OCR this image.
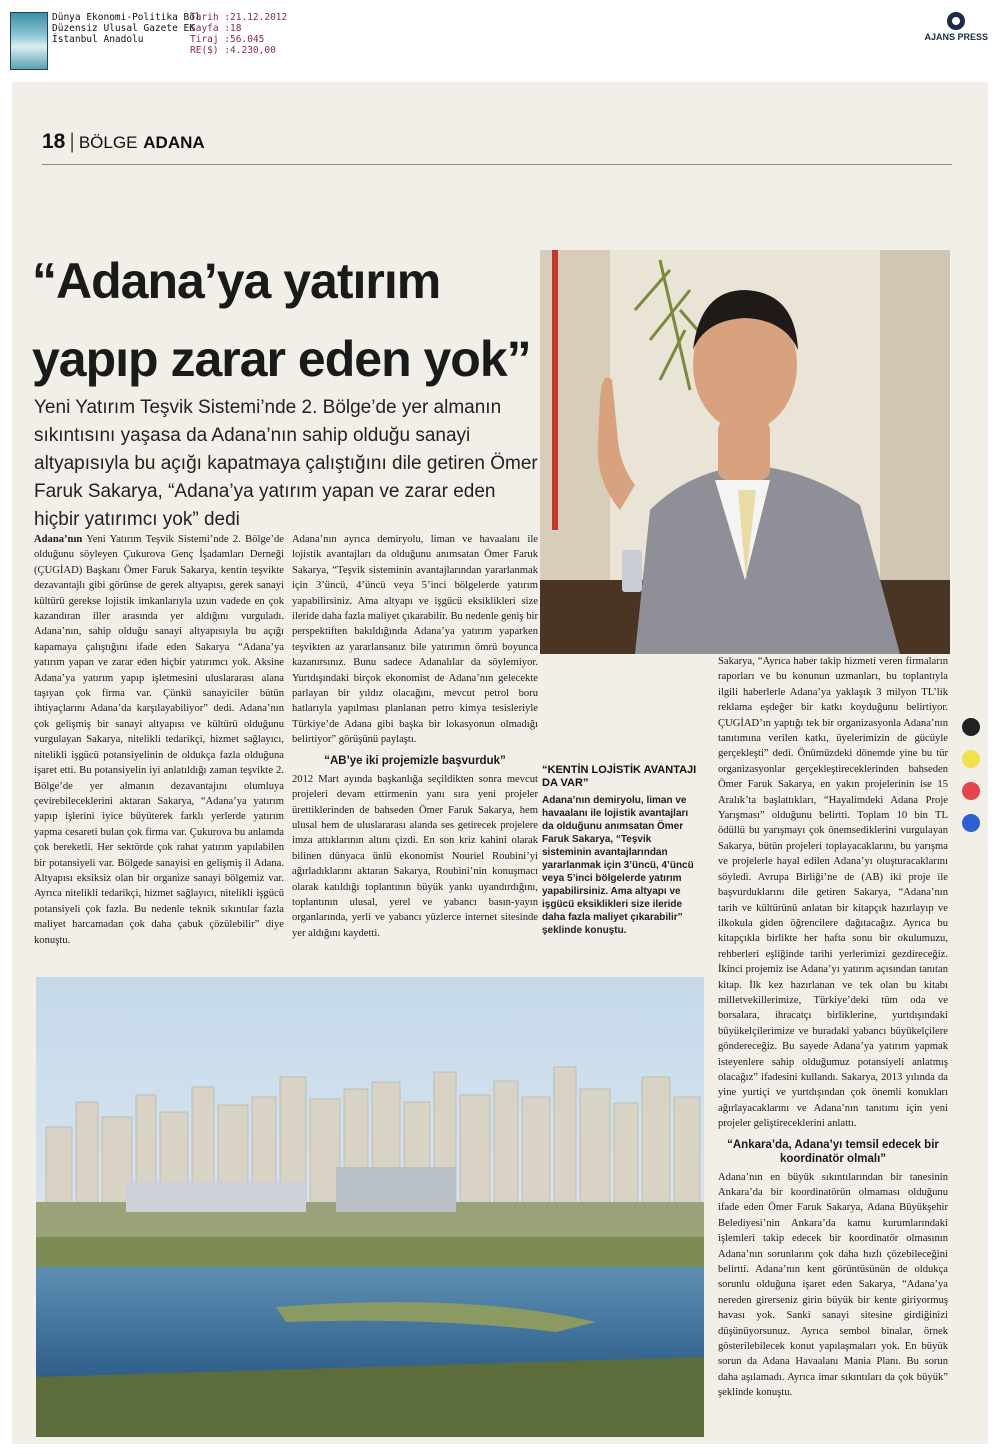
Dünya Ekonomi-Politika Böl
Düzensiz Ulusal Gazete EK
İstanbul Anadolu
Tarih :21.12.2012
Sayfa :18
Tiraj :56.045
RE($) :4.230,00
AJANS PRESS
18 | BÖLGE ADANA
“Adana’ya yatırım
yapıp zarar eden yok”
Yeni Yatırım Teşvik Sistemi’nde 2. Bölge’de yer almanın sıkıntısını yaşasa da Adana’nın sahip olduğu sanayi altyapısıyla bu açığı kapatmaya çalıştığını dile getiren Ömer Faruk Sakarya, “Adana’ya yatırım yapan ve zarar eden hiçbir yatırımcı yok” dedi

Adana’nın Yeni Yatırım Teşvik Sistemi’nde 2. Bölge’de olduğunu söyleyen Çukurova Genç İşadamları Derneği (ÇUGİAD) Başkanı Ömer Faruk Sakarya, kentin teşvikte dezavantajlı gibi görünse de gerek altyapısı, gerek sanayi kültürü gerekse lojistik imkanlarıyla uzun vadede en çok kazandıran iller arasında yer aldığını vurguladı. Adana’nın, sahip olduğu sanayi altyapısıyla bu açığı kapamaya çalıştığını ifade eden Sakarya “Adana’ya yatırım yapan ve zarar eden hiçbir yatırımcı yok. Aksine Adana’ya yatırım yapıp işletmesini uluslararası alana taşıyan çok firma var. Çünkü sanayiciler bütün ihtiyaçlarını Adana’da karşılayabiliyor” dedi. Adana’nın çok gelişmiş bir sanayi altyapısı ve kültürü olduğunu vurgulayan Sakarya, nitelikli tedarikçi, hizmet sağlayıcı, nitelikli işgücü potansiyelinin de oldukça fazla olduğuna işaret etti. Bu potansiyelin iyi anlatıldığı zaman teşvikte 2. Bölge’de yer almanın dezavantajını olumluya çevirebileceklerini aktaran Sakarya, “Adana’ya yatırım yapıp işlerini iyice büyüterek farklı yerlerde yatırım yapma cesareti bulan çok firma var. Çukurova bu anlamda çok bereketli. Her sektörde çok rahat yatırım yapılabilen bir potansiyeli var. Bölgede sanayisi en gelişmiş il Adana. Altyapısı eksiksiz olan bir organize sanayi bölgemiz var. Ayrıca nitelikli tedarikçi, hizmet sağlayıcı, nitelikli işgücü potansiyeli çok fazla. Bu nedenle teknik sıkıntılar fazla maliyet harcamadan çok daha çabuk çözülebilir” diye konuştu.

Adana’nın ayrıca demiryolu, liman ve havaalanı ile lojistik avantajları da olduğunu anımsatan Ömer Faruk Sakarya, “Teşvik sisteminin avantajlarından yararlanmak için 3’üncü, 4’üncü veya 5’inci bölgelerde yatırım yapabilirsiniz. Ama altyapı ve işgücü eksiklikleri size ileride daha fazla maliyet çıkarabilir. Bu nedenle geniş bir perspektiften bakıldığında Adana’ya yatırım yaparken teşvikten az yararlansanız bile yatırımın ömrü boyunca kazanırsınız. Bunu sadece Adanalılar da söylemiyor. Yurtdışındaki birçok ekonomist de Adana’nın gelecekte parlayan bir yıldız olacağını, mevcut petrol boru hatlarıyla yapılması planlanan petro kimya tesisleriyle Türkiye’de Adana gibi başka bir lokasyonun olmadığı belirtiyor” görüşünü paylaştı.

“AB’ye iki projemizle başvurduk”

2012 Mart ayında başkanlığa seçildikten sonra mevcut projeleri devam ettirmenin yanı sıra yeni projeler ürettiklerinden de bahseden Ömer Faruk Sakarya, hem ulusal hem de uluslararası alanda ses getirecek projelere imza attıklarının altını çizdi. En son kriz kahini olarak bilinen dünyaca ünlü ekonomist Nouriel Roubini’yi ağırladıklarını aktaran Sakarya, Roubini’nin konuşmacı olarak katıldığı toplantının büyük yankı uyandırdığını, toplantının ulusal, yerel ve yabancı basın-yayın organlarında, yerli ve yabancı yüzlerce internet sitesinde yer aldığını kaydetti.

“KENTİN LOJİSTİK AVANTAJI DA VAR”
Adana’nın demiryolu, liman ve havaalanı ile lojistik avantajları da olduğunu anımsatan Ömer Faruk Sakarya, “Teşvik sisteminin avantajlarından yararlanmak için 3’üncü, 4’üncü veya 5’inci bölgelerde yatırım yapabilirsiniz. Ama altyapı ve işgücü eksiklikleri size ileride daha fazla maliyet çıkarabilir” şeklinde konuştu.

Sakarya, “Ayrıca haber takip hizmeti veren firmaların raporları ve bu konunun uzmanları, bu toplantıyla ilgili haberlerle Adana’ya yaklaşık 3 milyon TL’lik reklama eşdeğer bir katkı koyduğunu belirtiyor. ÇUGİAD’ın yaptığı tek bir organizasyonla Adana’nın tanıtımına verilen katkı, üyelerimizin de gücüyle gerçekleşti” dedi. Önümüzdeki dönemde yine bu tür organizasyonlar gerçekleştireceklerinden bahseden Ömer Faruk Sakarya, en yakın projelerinin ise 15 Aralık’ta başlattıkları, “Hayalimdeki Adana Proje Yarışması” olduğunu belirtti. Toplam 10 bin TL ödüllü bu yarışmayı çok önemsediklerini vurgulayan Sakarya, bütün projeleri toplayacaklarını, bu yarışma ve projelerle hayal edilen Adana’yı oluşturacaklarını söyledi. Avrupa Birliği’ne de (AB) iki proje ile başvurduklarını dile getiren Sakarya, “Adana’nın tarih ve kültürünü anlatan bir kitapçık hazırlayıp ve ilkokula giden öğrencilere dağıtacağız. Ayrıca bu kitapçıkla birlikte her hafta sonu bir okulumuzu, rehberleri eşliğinde tarihi yerlerimizi gezdireceğiz. İkinci projemiz ise Adana’yı yatırım açısından tanıtan kitap. İlk kez hazırlanan ve tek olan bu kitabı milletvekillerimize, Türkiye’deki tüm oda ve borsalara, ihracatçı birliklerine, yurtdışındaki büyükelçilerimize ve buradaki yabancı büyükelçilere göndereceğiz. Bu sayede Adana’ya yatırım yapmak isteyenlere sahip olduğumuz potansiyeli anlatmış olacağız” ifadesini kullandı. Sakarya, 2013 yılında da yine yurtiçi ve yurtdışından çok önemli konukları ağırlayacaklarını ve Adana’nın tanıtımı için yeni projeler geliştireceklerini anlattı.

“Ankara’da, Adana’yı temsil edecek bir koordinatör olmalı”

Adana’nın en büyük sıkıntılarından bir tanesinin Ankara’da bir koordinatörün olmaması olduğunu ifade eden Ömer Faruk Sakarya, Adana Büyükşehir Belediyesi’nin Ankara’da kamu kurumlarındaki işlemleri takip edecek bir koordinatör olmasının Adana’nın sorunlarını çok daha hızlı çözebileceğini belirtti. Adana’nın kent görüntüsünün de oldukça sorunlu olduğuna işaret eden Sakarya, “Adana’ya nereden girerseniz girin büyük bir kente giriyormuş havası yok. Sanki sanayi sitesine girdiğinizi düşünüyorsunuz. Ayrıca sembol binalar, örnek gösterilebilecek konut yapılaşmaları yok. En büyük sorun da Adana Havaalanı Mania Planı. Bu sorun daha aşılamadı. Ayrıca imar sıkıntıları da çok büyük” şeklinde konuştu.
